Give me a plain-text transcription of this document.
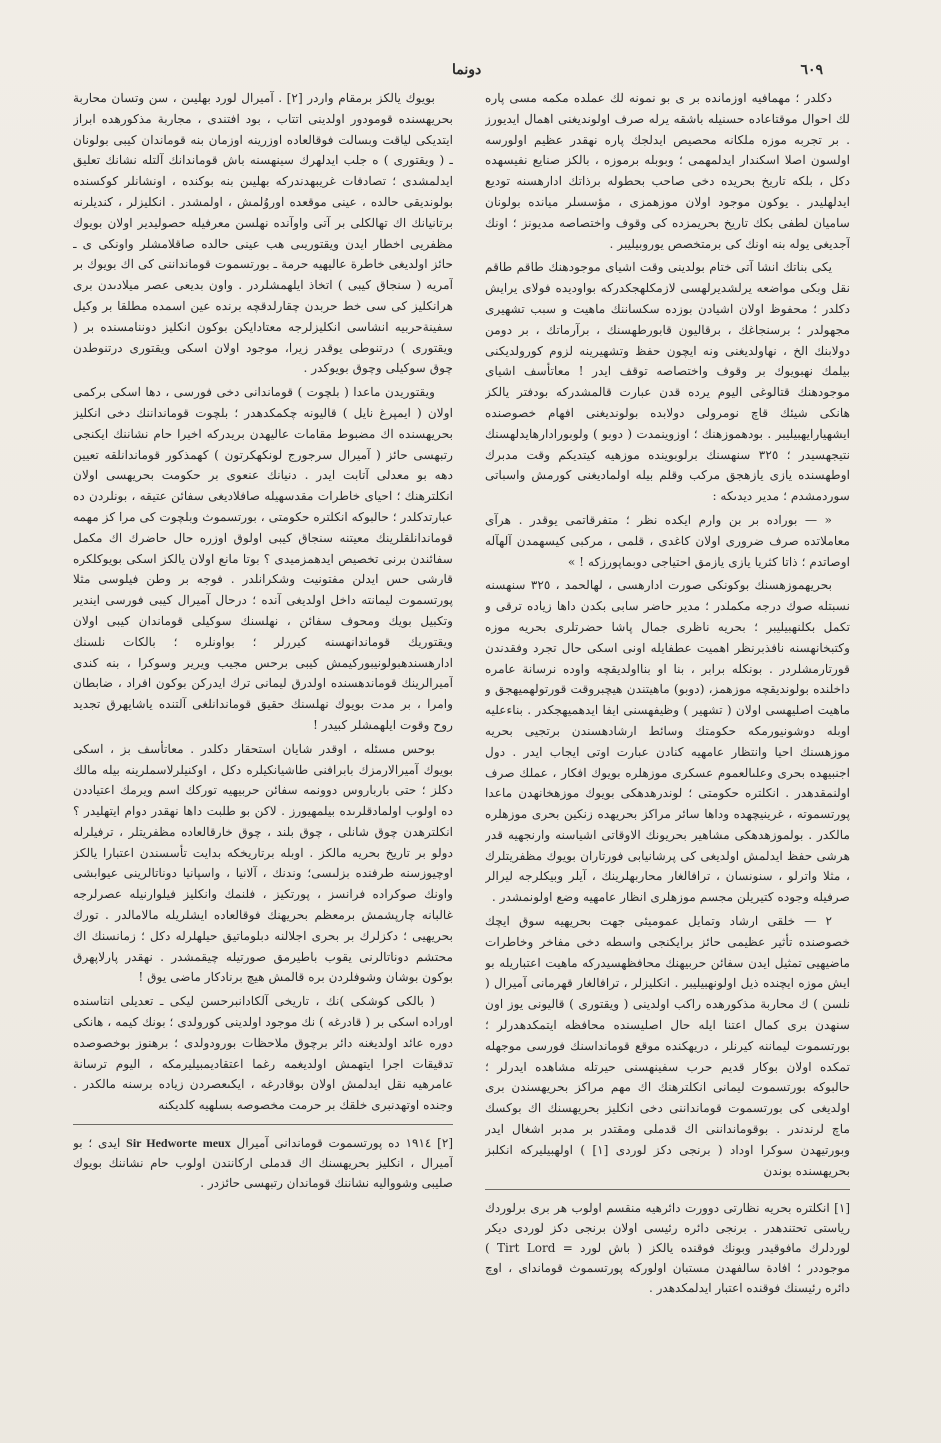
٦٠٩
دونما

دكلدر ؛ مهمافيه اوزمانده بر ى بو نمونه لك عملده مكمه مسى پاره لك احوال موقتاعاده حسنيله باشقه يرله صرف اولونديغنى اهمال ايديورز . بر تجربه موزه ملكانه محصيص ايدلجك پاره نهقدر عظيم اولورسه اولسون اصلا اسكندار ايدلمهمى ؛ وبوبله برموزه ، بالكز صنايع نفيسهده دكل ، بلكه تاريخ بحريده دخى صاحب بحطوله برذاتك ادارهسنه توديع ايدلهليدر . يوكون موجود اولان موزهمزى ، مؤسسلر ميانده بولونان ساميان لطفى بكك تاريخ بحريمزده كى وقوف واختصاصه مديونز ؛ اونك آجديغى يوله بنه اونك كى برمتخصص يوروبيليبر .

يكى بناتك انشا آتى ختام بولدينى وقت اشياى موجودهنك طاقم طاقم نقل وبكى مواضعه يرلشديرلهسى لازمكلهجكدركه بواوديده فولاى يرايش دكلدر ؛ محفوظ اولان اشيادن بوزده سكساننك ماهيت و سبب تشهيرى مجهولدر ؛ برسنجاغك ، برقاليون قابورطهسنك ، برآرماتك ، بر دومن دولابنك الخ ، نهاولديغنى ونه ايچون حفظ وتشهيرينه لزوم كورولديكنى بيلمك نهبويوك بر وقوف واختصاصه توقف ايدر ! معاتأسف اشياى موجودهنك قتالوغى اليوم يرده قدن عبارت قالمشدركه بودفتر يالكز هانكى شيئك قاچ نومرولى دولابده بولونديغنى افهام خصوصنده ايشهيارايهبيليبر . بودهموزهنك ؛ اوزوينمدت ( دوبو ) ولوبورادارهايدلهسنك نتيجهسيدر ؛ ٣٢٥ سنهسنك برلوبوينده موزهيه كيتديكم وقت مدبرك اوطهسنده يازى يازهجق مركب وقلم بيله اولماديغنى كورمش واسباتى سوردمشدم ؛ مدير ديدىكه :

« — بوراده بر بن وارم ايكده نظر ؛ متفرقاتمى يوقدر . هرآى معاملاتده صرف ضرورى اولان كاغدى ، قلمى ، مركبى كيسهمدن آلهآله اوصاتدم ؛ ذاتا كثريا يازى يازمق احتياجى دوبماپورزكه ! »

بحريهموزهسنك بوكونكى صورت ادارهسى ، لهالحمد ، ٣٢٥ سنهسنه نسبتله صوك درجه مكملدر ؛ مدير حاضر سابى بكدن داها زياده ترقى و تكمل بكلنهبيليبر ؛ بحريه ناظرى جمال پاشا حضرتلرى بحريه موزه وكتبخانهسنه نافذبرنظر اهميت عطفايله اونى اسكى حال تجرد وفقدندن قورتارمشلردر . بونكله برابر ، بنا او بنااولديقچه واوده نرسانة عامره داخلنده بولونديقچه موزهمز، (دوبو) ماهيتندن هيچبروقت قورتولهميهجق و ماهيت اصليهسى اولان ( تشهير ) وظيفهسنى ايفا ايدهميهجكدر . بناءعليه اوبله دوشونيورمكه حكومتك وسائط ارشادهسندن برتجيى بحريه موزهسنك احيا وانتظار عامهيه كنادن عبارت اوتى ايجاب ايدر . دول اجنبيهده بحرى وعلىالعموم عسكرى موزهلره بويوك افكار ، عملك صرف اولنمقدهدر . انكلتره حكومتى ؛ لوندرهدهكى بويوك موزهخانهدن ماعدا پورتسموته ، غرينيچهده وداها سائر مراكز بحريهده زنكين بحرى موزهلره مالكدر . بولموزهدهكى مشاهير بحريونك الاوقاتى اشياسنه وارنجهيه قدر هرشى حفظ ايدلمش اولديغى كى پرشانيابى فورتاران بويوك مظفريتلرك ، مثلا واترلو ، سنونسان ، ترافالغار محاربهلرينك ، آيلر وبيكلرجه ليرالر صرفيله وجوده كتيريلن مجسم موزهلرى انظار عامهيه وضع اولونمشدر .

٢ — خلقى ارشاد وتمايل عموميئى جهت بحريهيه سوق ايچك خصوصنده تأثير عظيمى حائز برايكنجى واسطه دخى مفاخر وخاطرات ماضيهيى تمثيل ايدن سفائن حربيهنك محافظهسيدركه ماهيت اعتباريله بو ايش موزه ايچنده ذيل اولونهبيليبر . انكليزلر ، ترافالغار قهرمانى آميرال ( نلسن ) ك محاربة مذكورهده راكب اولدينى ( ويقتورى ) قاليونى يوز اون سنهدن برى كمال اعتنا ايله حال اصليسنده محافظه ايتمكدهدرلر ؛ بورتسموت ليماننه كيرنلر ، دريهكنده موقع قومانداسنك فورسى موجهله تمكده اولان بوكار قديم حرب سفينهسنى حيرتله مشاهده ايدرلر ؛ حالبوكه بورتسموت ليمانى انكلترهنك اك مهم مراكز بحريهسندن برى اولديغى كى بورتسموت قومانداننى دخى انكليز بحريهسنك اك بوكسك ماچ لرندندر . بوقومانداننى اك قدملى ومقتدر بر مدبر اشغال ايدر وبورتيهدن سوكرا اوداد ( برنجى دكز لوردى [١] ) اولهبيليركه انكلبز بحريهسنده بوندن

[١] انكلتره بحريه نظارتى دوورت دائرهيه منقسم اولوب هر برى برلوردك رياستى تحتندهدر . برنجى دائره رئيسى اولان برنجى دكز لوردى ديكر لوردلرك مافوقيدر وبونك فوقنده يالكز ( باش لورد = Tirt Lord ) موجوددر ؛ افادة سالفهدن مستبان اولوركه پورتسموث قومانداى ، اوچ دائره رئيسنك فوقنده اعتبار ايدلمكدهدر .

بويوك يالكز برمقام واردر [٢] . آميرال لورد بهليىن ، سن وتسان محاربة بحريهسنده قومودور اولدينى اتتاب ، بود افتندى ، مجاربة مذكورهده ابراز ايتديكى لياقت وبسالت فوقالعاده اوزرينه اوزمان بنه قوماندان كيبى بولونان ـ ( ويقتورى ) ه جلب ايدلهرك سينهسنه باش قوماندانك آلتله نشانك تعليق ايدلمشدى ؛ تصادفات غريبهدندركه بهليىن بنه بوكنده ، اونشانلر كوكسنده بولونديقى حالده ، عينى موقعده اوروُلمش ، اولمشدر . انكليزلر ، كنديلرنه برتانيانك اك تهالكلى بر آتى واوآنده نهلسن معرفيله حصوليدير اولان بويوك مظفريى اخطار ايدن ويقتوريىى هب عينى حالده صاقلامشلر واونكى ى ـ حائز اولديغى خاطرة عاليهيه حرمة ـ بورتسموت قومانداننى كى اك بويوك بر آمريه ( سنجاق كيبى ) اتخاذ ايلهمشلردر . واون بديعى عصر ميلادىدن برى هرانكليز كى سى خط حربدن چقارلدقچه برنده عين اسمده مطلقا بر وكيل سفينةحربيه انشاسى انكليزلرجه معتادايكن بوكون انكليز دوننامسنده بر ( ويقتورى ) درتنوطى يوقدر زيرا، موجود اولان اسكى ويقتورى درتنوطدن چوق سوكيلى وچوق بويوكدر .

ويقتوريدن ماعدا ( بلچوت ) قوماندانى دخى فورسى ، دها اسكى بركمى اولان ( ايمپرغ نايل ) قاليونه چكمكدهدر ؛ بلچوت قومانداننك دخى انكليز بحريهسنده اك مضبوط مقامات عاليهدن بريدركه اخيرا حام نشاننك ايكنجى رتبهسى حائز ( آميرال سرجورج لونكهكرتون ) كهمذكور قوماندانلقه تعيين دهه بو معدلى آتابت ايدر . دنيانك عنعوى بر حكومت بحريهسى اولان انكلترهنك ؛ احياى خاطرات مقدسهيله صافلاديغى سفائن عتيقه ، بونلردن ده عبارتدكلدر ؛ حالبوكه انكلتره حكومتى ، بورتسموث وبلچوت كى مرا كز مهمه قوماندانلقلرينك معيتنه سنجاق كيبى اولوق اوزره حال حاضرك اك مكمل سفائندن برنى تخصيص ايدهمزميدى ؟ بوتا مانع اولان يالكز اسكى بويوكلكره قارشى حس ايدلن مفتونيت وشكرانلدر . فوجه بر وطن فيلوسى مثلا پورتسموت ليمانته داخل اولديغى آنده ؛ درحال آميرال كيبى فورسى ايندير وتكبيل بويك ومحوف سفائن ، نهلسنك سوكيلى قوماندان كيبى اولان ويقتوريك قوماندانهسنه كيررلر ؛ بواونلره ؛ بالكات نلسنك ادارهسندهبولونيبوركيمش كيبى برحس مجيب ويرير وسوكرا ، بنه كندى آميرالرينك قوماندهسنده اولدرق ليمانى ترك ايدركن بوكون افراد ، ضابطان وامرا ، بر مدت بويوك نهلسنك حقيق قوماندانلغى آلتنده ياشايهرق تجديد روح وقوت ايلهمشلر كبيدر !

بوحس مسئله ، اوقدر شايان استحقار دكلدر . معاتأسف بز ، اسكى بويوك آميرالارمزك بابرافنى طاشيانكيلره دكل ، اوكنيلرلاسملرينه بيله مالك دكلز ؛ حتى بارباروس دوونمه سفائن حربيهيه توركك اسم ويرمك اعتياددن ده اولوب اولمادقلرىده بيلمهيورز . لاكن بو طلبت داها نهقدر دوام ايتهليدر ؟ انكلترهدن چوق شانلى ، چوق بلند ، چوق خارقالعاده مظفريتلر ، ترفيلرله دولو بر تاريخ بحريه مالكز . اوبله برتاريخكه بدايت تأسسندن اعتبارا يالكز اوچيوزسنه طرفنده بزلىسى؛ وندنك ، آلانيا ، واسپانيا دوناتالرينى عيوابشى واونك صوكراده فرانسز ، پورتكيز ، فلنمك وانكليز فيلوارنيله عصرلرجه غالبانه چارپشمش برمعظم بحريهنك فوقالعاده ايشلريله مالامالدر . تورك بحريهيى ؛ دكزلرك بر بحرى اجلالنه دبلوماتيق حيلهلرله دكل ؛ زمانسنك اك محتشم دوناتالرنى يقوب باطيرمق صورتيله چيقمشدر . نهقدر پارلاپهرق بوكون بوشان وشوفلردن برە قالمش هيچ برنادكار ماضى يوق !

( بالكى كوشكى )نك ، تاريخى آلكادانبرحسن ليكى ـ تعديلى انتاسنده اوراده اسكى بر ( قادرغه ) نك موجود اولدينى كورولدى ؛ بونك كيمه ، هانكى دوره عائد اولديغنه دائر برچوق ملاحظات بورودولدى ؛ برهنوز بوخصوصده تدقيقات اجرا ايتهمش اولديغمه رغما اعتقاديمبيليرمكه ، اليوم ترسانة عامرهيه نقل ايدلمش اولان بوقادرغه ، ايكىعصردن زياده برسنه مالكدر . وجنده اوتهدنبرى خلقك بر حرمت مخصوصه بسلهيه كلديكنه

[٢] ١٩١٤ ده پورتسموت قوماندانى آميرال Sir Hedworte meux ايدى ؛ بو آميرال ، انكليز بحريهسنك اك قدملى اركانندن اولوب حام نشاننك بويوك صليبى وشوواليه نشاننك قوماندان رتبهسى حائزدر .
